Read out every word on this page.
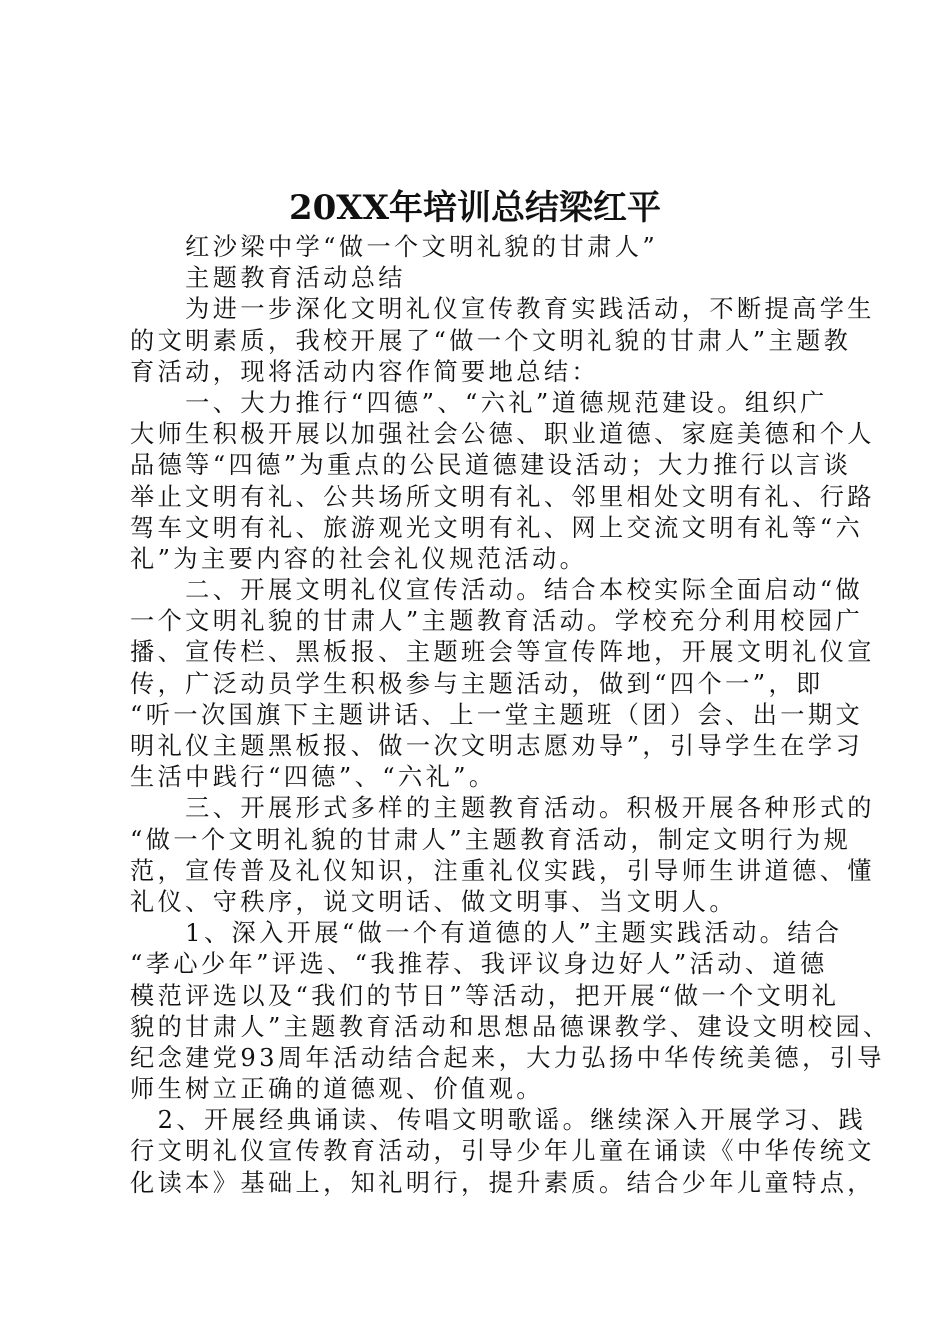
20XX年培训总结梁红平
　　红沙梁中学“做一个文明礼貌的甘肃人”
　　主题教育活动总结
　　为进一步深化文明礼仪宣传教育实践活动，不断提高学生
的文明素质，我校开展了“做一个文明礼貌的甘肃人”主题教
育活动，现将活动内容作简要地总结：
　　一、大力推行“四德”、“六礼”道德规范建设。组织广
大师生积极开展以加强社会公德、职业道德、家庭美德和个人
品德等“四德”为重点的公民道德建设活动；大力推行以言谈
举止文明有礼、公共场所文明有礼、邻里相处文明有礼、行路
驾车文明有礼、旅游观光文明有礼、网上交流文明有礼等“六
礼”为主要内容的社会礼仪规范活动。
　　二、开展文明礼仪宣传活动。结合本校实际全面启动“做
一个文明礼貌的甘肃人”主题教育活动。学校充分利用校园广
播、宣传栏、黑板报、主题班会等宣传阵地，开展文明礼仪宣
传，广泛动员学生积极参与主题活动，做到“四个一”，即
“听一次国旗下主题讲话、上一堂主题班（团）会、出一期文
明礼仪主题黑板报、做一次文明志愿劝导”，引导学生在学习
生活中践行“四德”、“六礼”。
　　三、开展形式多样的主题教育活动。积极开展各种形式的
“做一个文明礼貌的甘肃人”主题教育活动，制定文明行为规
范，宣传普及礼仪知识，注重礼仪实践，引导师生讲道德、懂
礼仪、守秩序，说文明话、做文明事、当文明人。
　　1、深入开展“做一个有道德的人”主题实践活动。结合
“孝心少年”评选、“我推荐、我评议身边好人”活动、道德
模范评选以及“我们的节日”等活动，把开展“做一个文明礼
貌的甘肃人”主题教育活动和思想品德课教学、建设文明校园、
纪念建党93周年活动结合起来，大力弘扬中华传统美德，引导
师生树立正确的道德观、价值观。
　2、开展经典诵读、传唱文明歌谣。继续深入开展学习、践
行文明礼仪宣传教育活动，引导少年儿童在诵读《中华传统文
化读本》基础上，知礼明行，提升素质。结合少年儿童特点，
